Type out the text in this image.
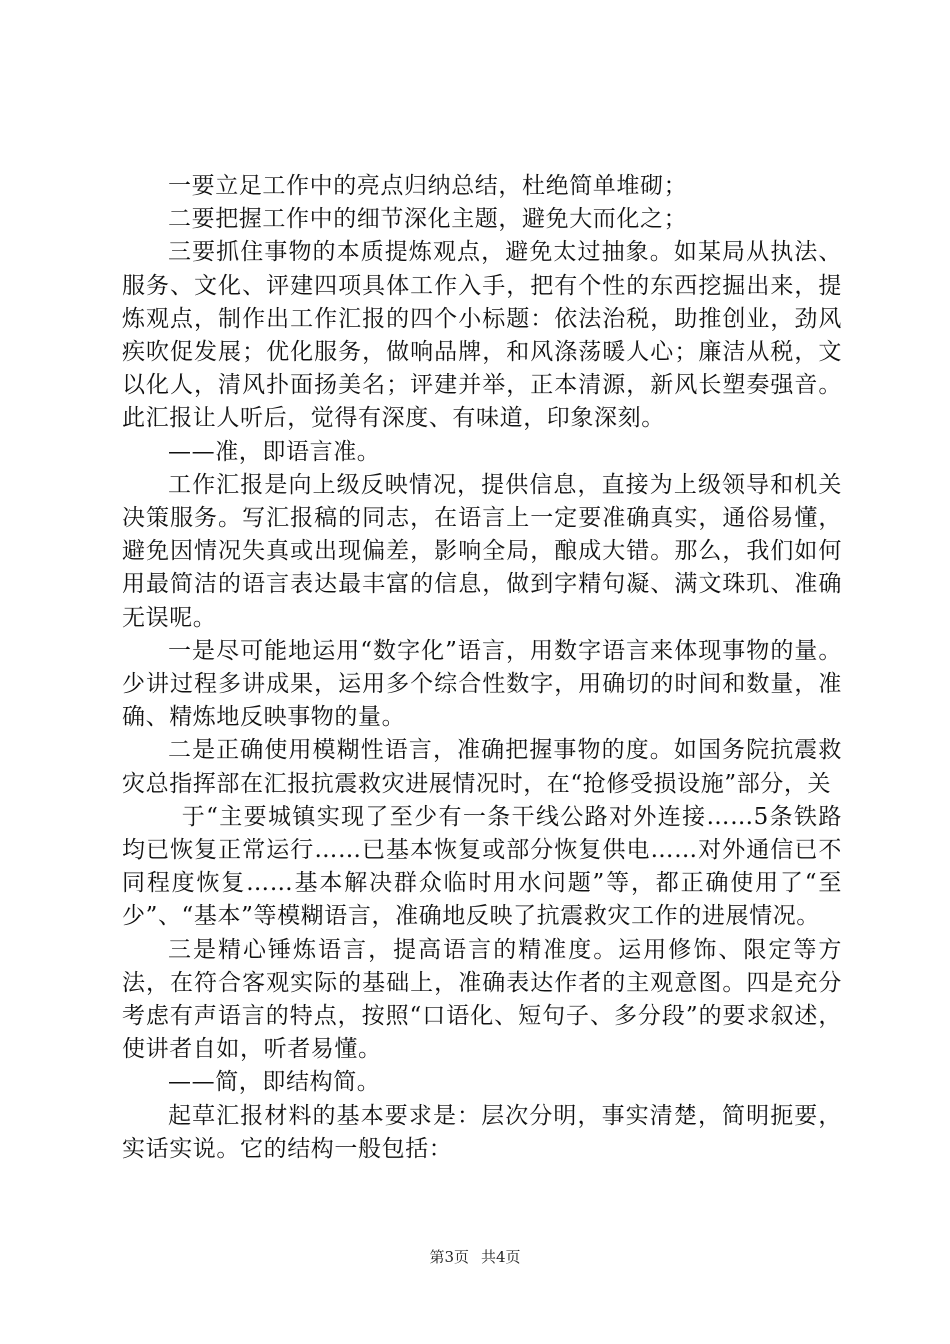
一要立足工作中的亮点归纳总结，杜绝简单堆砌；

二要把握工作中的细节深化主题，避免大而化之；

三要抓住事物的本质提炼观点，避免太过抽象。如某局从执法、服务、文化、评建四项具体工作入手，把有个性的东西挖掘出来，提炼观点，制作出工作汇报的四个小标题：依法治税，助推创业，劲风疾吹促发展；优化服务，做响品牌，和风涤荡暖人心；廉洁从税，文以化人，清风扑面扬美名；评建并举，正本清源，新风长塑奏强音。此汇报让人听后，觉得有深度、有味道，印象深刻。

——准，即语言准。

工作汇报是向上级反映情况，提供信息，直接为上级领导和机关决策服务。写汇报稿的同志，在语言上一定要准确真实，通俗易懂，避免因情况失真或出现偏差，影响全局，酿成大错。那么，我们如何用最简洁的语言表达最丰富的信息，做到字精句凝、满文珠玑、准确无误呢。

一是尽可能地运用“数字化”语言，用数字语言来体现事物的量。少讲过程多讲成果，运用多个综合性数字，用确切的时间和数量，准确、精炼地反映事物的量。

二是正确使用模糊性语言，准确把握事物的度。如国务院抗震救灾总指挥部在汇报抗震救灾进展情况时，在“抢修受损设施”部分，关

于“主要城镇实现了至少有一条干线公路对外连接……5条铁路均已恢复正常运行……已基本恢复或部分恢复供电……对外通信已不同程度恢复……基本解决群众临时用水问题”等，都正确使用了“至少”、“基本”等模糊语言，准确地反映了抗震救灾工作的进展情况。

三是精心锤炼语言，提高语言的精准度。运用修饰、限定等方法，在符合客观实际的基础上，准确表达作者的主观意图。四是充分考虑有声语言的特点，按照“口语化、短句子、多分段”的要求叙述，使讲者自如，听者易懂。

——简，即结构简。

起草汇报材料的基本要求是：层次分明，事实清楚，简明扼要，实话实说。它的结构一般包括：

第3页 共4页
